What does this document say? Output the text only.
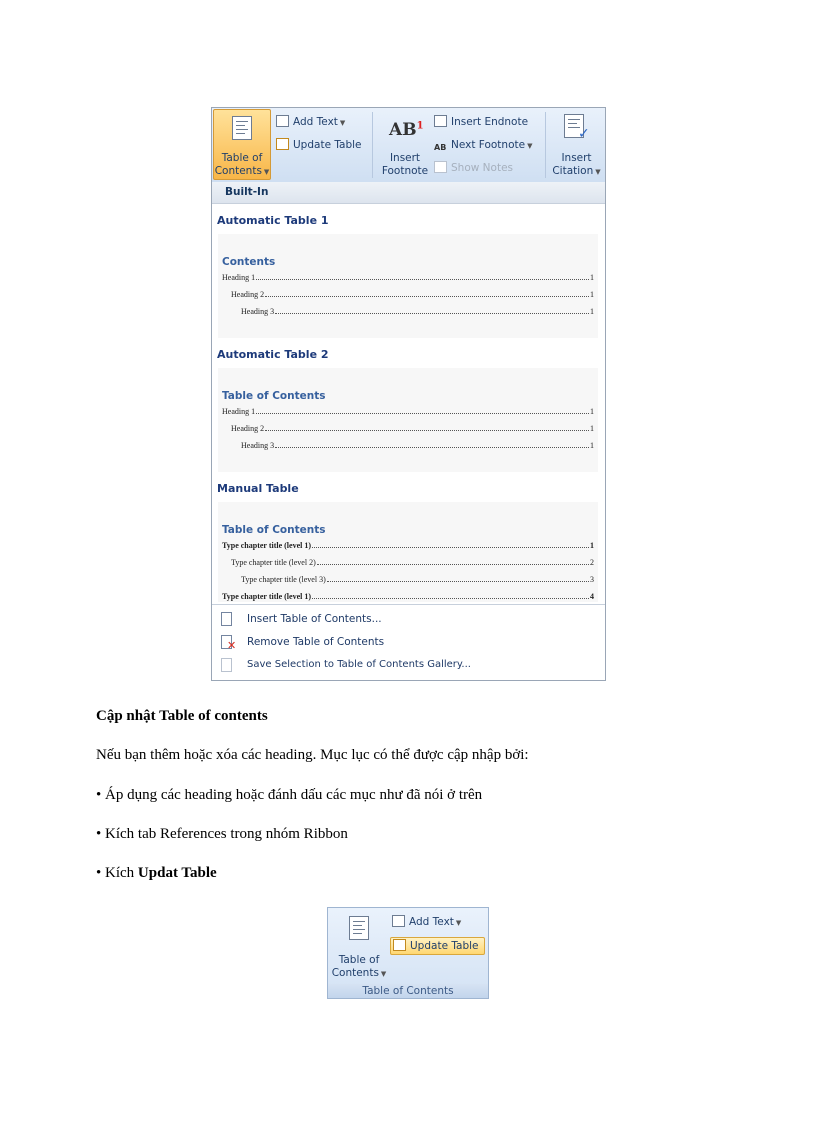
Table of
Contents ▼
Add Text ▼
Update Table
$AB^1$
Insert
Footnote
Insert Endnote
AB Next Footnote ▼
Show Notes
✓
Insert
Citation ▼
Built-In
Automatic Table 1
Contents
Heading 1	1
Heading 2	1
Heading 3	1
Automatic Table 2
Table of Contents
Heading 1	1
Heading 2	1
Heading 3	1
Manual Table
Table of Contents
Type chapter title (level 1)	1
Type chapter title (level 2)	2
Type chapter title (level 3)	3
Type chapter title (level 1)	4
Insert Table of Contents...
✕ Remove Table of Contents
Save Selection to Table of Contents Gallery...
Cập nhật Table of contents
Nếu bạn thêm hoặc xóa các heading. Mục lục có thể được cập nhập bởi:
• Áp dụng các heading hoặc đánh dấu các mục như đã nói ở trên
• Kích tab References trong nhóm Ribbon
• Kích Updat Table
Table of
Contents ▼
Add Text ▼
Update Table
Table of Contents
